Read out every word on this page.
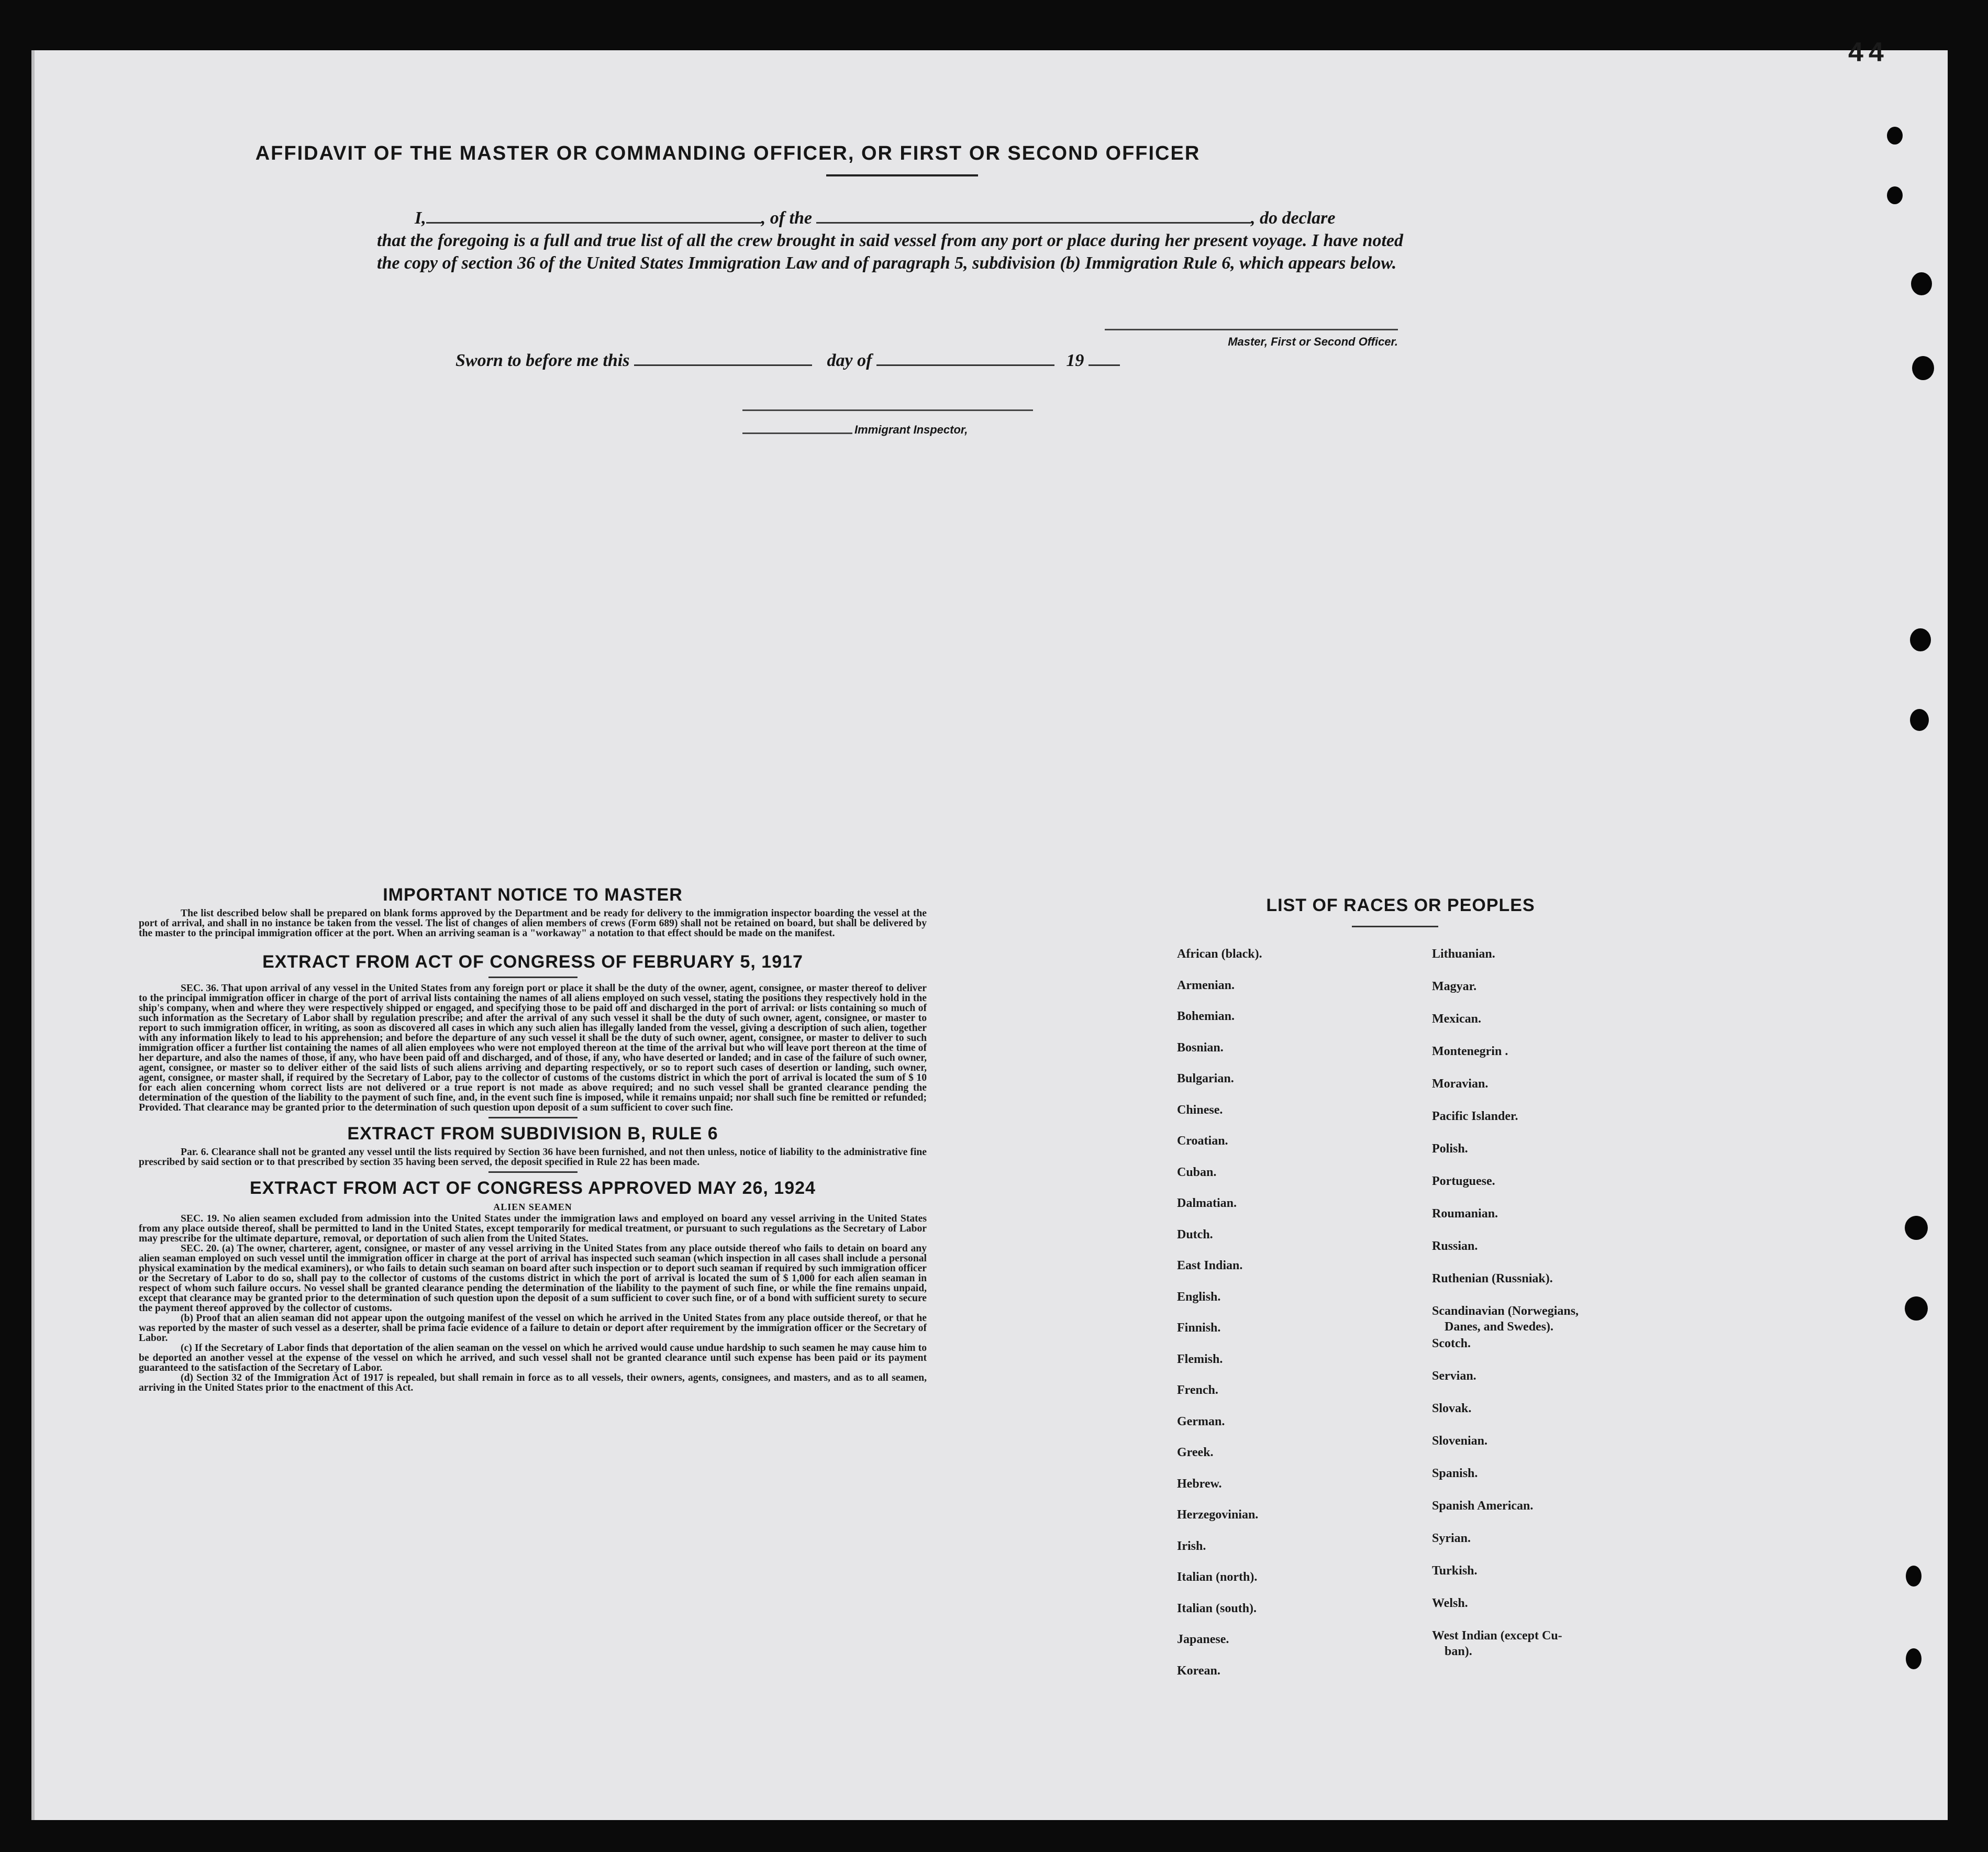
44
AFFIDAVIT OF THE MASTER OR COMMANDING OFFICER, OR FIRST OR SECOND OFFICER
I,	, of the	, do declare
that the foregoing is a full and true list of all the crew brought in said vessel from any port or place during her present voyage. I have noted the copy of section 36 of the United States Immigration Law and of paragraph 5, subdivision (b) Immigration Rule 6, which appears below.
Master, First or Second Officer.
Sworn to before me this	day of	19
Immigrant Inspector,
IMPORTANT NOTICE TO MASTER
The list described below shall be prepared on blank forms approved by the Department and be ready for delivery to the immigration inspector boarding the vessel at the port of arrival, and shall in no instance be taken from the vessel. The list of changes of alien members of crews (Form 689) shall not be retained on board, but shall be delivered by the master to the principal immigration officer at the port. When an arriving seaman is a "workaway" a notation to that effect should be made on the manifest.
EXTRACT FROM ACT OF CONGRESS OF FEBRUARY 5, 1917
SEC. 36. That upon arrival of any vessel in the United States from any foreign port or place it shall be the duty of the owner, agent, consignee, or master thereof to deliver to the principal immigration officer in charge of the port of arrival lists containing the names of all aliens employed on such vessel, stating the positions they respectively hold in the ship's company, when and where they were respectively shipped or engaged, and specifying those to be paid off and discharged in the port of arrival: or lists containing so much of such information as the Secretary of Labor shall by regulation prescribe; and after the arrival of any such vessel it shall be the duty of such owner, agent, consignee, or master to report to such immigration officer, in writing, as soon as discovered all cases in which any such alien has illegally landed from the vessel, giving a description of such alien, together with any information likely to lead to his apprehension; and before the departure of any such vessel it shall be the duty of such owner, agent, consignee, or master to deliver to such immigration officer a further list containing the names of all alien employees who were not employed thereon at the time of the arrival but who will leave port thereon at the time of her departure, and also the names of those, if any, who have been paid off and discharged, and of those, if any, who have deserted or landed; and in case of the failure of such owner, agent, consignee, or master so to deliver either of the said lists of such aliens arriving and departing respectively, or so to report such cases of desertion or landing, such owner, agent, consignee, or master shall, if required by the Secretary of Labor, pay to the collector of customs of the customs district in which the port of arrival is located the sum of $ 10 for each alien concerning whom correct lists are not delivered or a true report is not made as above required; and no such vessel shall be granted clearance pending the determination of the question of the liability to the payment of such fine, and, in the event such fine is imposed, while it remains unpaid; nor shall such fine be remitted or refunded; Provided. That clearance may be granted prior to the determination of such question upon deposit of a sum sufficient to cover such fine.
EXTRACT FROM SUBDIVISION B, RULE 6
Par. 6. Clearance shall not be granted any vessel until the lists required by Section 36 have been furnished, and not then unless, notice of liability to the administrative fine prescribed by said section or to that prescribed by section 35 having been served, the deposit specified in Rule 22 has been made.
EXTRACT FROM ACT OF CONGRESS APPROVED MAY 26, 1924
ALIEN SEAMEN
SEC. 19. No alien seamen excluded from admission into the United States under the immigration laws and employed on board any vessel arriving in the United States from any place outside thereof, shall be permitted to land in the United States, except temporarily for medical treatment, or pursuant to such regulations as the Secretary of Labor may prescribe for the ultimate departure, removal, or deportation of such alien from the United States.
SEC. 20. (a) The owner, charterer, agent, consignee, or master of any vessel arriving in the United States from any place outside thereof who fails to detain on board any alien seaman employed on such vessel until the immigration officer in charge at the port of arrival has inspected such seaman (which inspection in all cases shall include a personal physical examination by the medical examiners), or who fails to detain such seaman on board after such inspection or to deport such seaman if required by such immigration officer or the Secretary of Labor to do so, shall pay to the collector of customs of the customs district in which the port of arrival is located the sum of $ 1,000 for each alien seaman in respect of whom such failure occurs. No vessel shall be granted clearance pending the determination of the liability to the payment of such fine, or while the fine remains unpaid, except that clearance may be granted prior to the determination of such question upon the deposit of a sum sufficient to cover such fine, or of a bond with sufficient surety to secure the payment thereof approved by the collector of customs.
(b) Proof that an alien seaman did not appear upon the outgoing manifest of the vessel on which he arrived in the United States from any place outside thereof, or that he was reported by the master of such vessel as a deserter, shall be prima facie evidence of a failure to detain or deport after requirement by the immigration officer or the Secretary of Labor.
(c) If the Secretary of Labor finds that deportation of the alien seaman on the vessel on which he arrived would cause undue hardship to such seamen he may cause him to be deported an another vessel at the expense of the vessel on which he arrived, and such vessel shall not be granted clearance until such expense has been paid or its payment guaranteed to the satisfaction of the Secretary of Labor.
(d) Section 32 of the Immigration Act of 1917 is repealed, but shall remain in force as to all vessels, their owners, agents, consignees, and masters, and as to all seamen, arriving in the United States prior to the enactment of this Act.
LIST OF RACES OR PEOPLES
African (black).
Armenian.
Bohemian.
Bosnian.
Bulgarian.
Chinese.
Croatian.
Cuban.
Dalmatian.
Dutch.
East Indian.
English.
Finnish.
Flemish.
French.
German.
Greek.
Hebrew.
Herzegovinian.
Irish.
Italian (north).
Italian (south).
Japanese.
Korean.
Lithuanian.
Magyar.
Mexican.
Montenegrin .
Moravian.
Pacific Islander.
Polish.
Portuguese.
Roumanian.
Russian.
Ruthenian (Russniak).
Scandinavian (Norwegians,
Danes, and Swedes).
Scotch.
Servian.
Slovak.
Slovenian.
Spanish.
Spanish American.
Syrian.
Turkish.
Welsh.
West Indian (except Cu-
ban).
